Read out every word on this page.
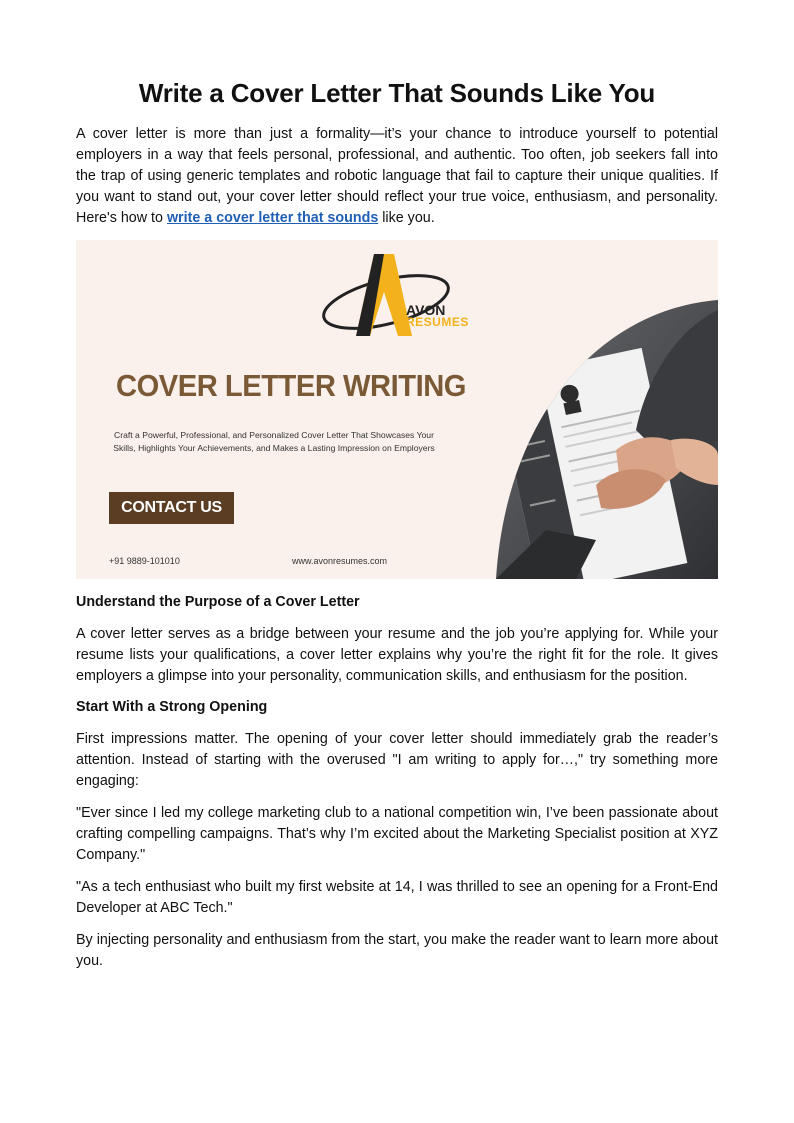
Write a Cover Letter That Sounds Like You

A cover letter is more than just a formality—it’s your chance to introduce yourself to potential employers in a way that feels personal, professional, and authentic. Too often, job seekers fall into the trap of using generic templates and robotic language that fail to capture their unique qualities. If you want to stand out, your cover letter should reflect your true voice, enthusiasm, and personality. Here's how to write a cover letter that sounds like you.

AVON
RESUMES
COVER LETTER WRITING
Craft a Powerful, Professional, and Personalized Cover Letter That Showcases Your Skills, Highlights Your Achievements, and Makes a Lasting Impression on Employers
CONTACT US
+91 9889-101010	www.avonresumes.com

Understand the Purpose of a Cover Letter

A cover letter serves as a bridge between your resume and the job you’re applying for. While your resume lists your qualifications, a cover letter explains why you’re the right fit for the role. It gives employers a glimpse into your personality, communication skills, and enthusiasm for the position.

Start With a Strong Opening

First impressions matter. The opening of your cover letter should immediately grab the reader’s attention. Instead of starting with the overused "I am writing to apply for…," try something more engaging:

"Ever since I led my college marketing club to a national competition win, I’ve been passionate about crafting compelling campaigns. That’s why I’m excited about the Marketing Specialist position at XYZ Company."

"As a tech enthusiast who built my first website at 14, I was thrilled to see an opening for a Front-End Developer at ABC Tech."

By injecting personality and enthusiasm from the start, you make the reader want to learn more about you.
